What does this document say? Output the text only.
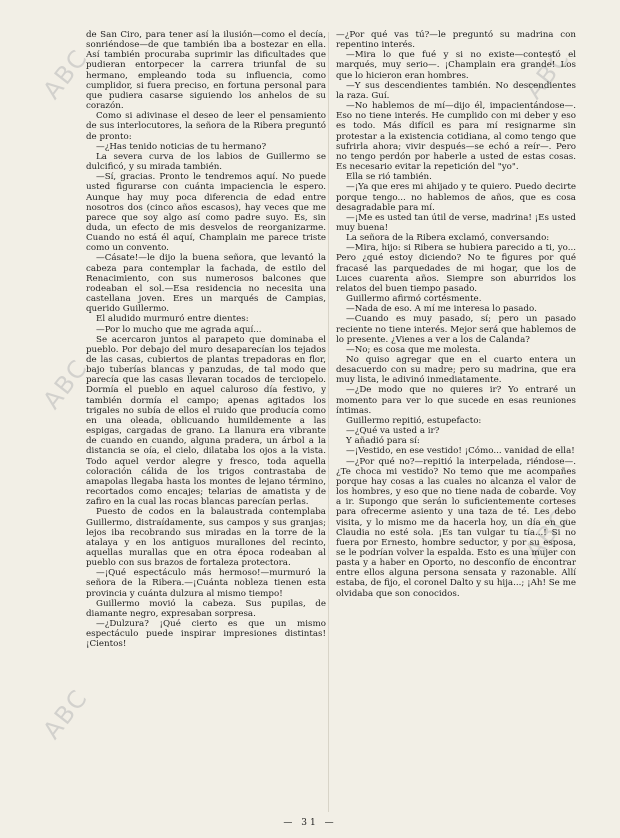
ABC
ABC
ABC
ABC
ABC

de San Ciro, para tener así la ilusión—como el decía, sonriéndose—de que también iba a bostezar en ella. Así también procuraba suprimir las dificultades que pudieran entorpecer la carrera triunfal de su hermano, empleando toda su influencia, como cumplidor, si fuera preciso, en fortuna personal para que pudiera casarse siguiendo los anhelos de su corazón.

Como si adivinase el deseo de leer el pensamiento de sus interlocutores, la señora de la Ribera preguntó de pronto:

—¿Has tenido noticias de tu hermano?

La severa curva de los labios de Guillermo se dulcificó, y su mirada también.

—Sí, gracias. Pronto le tendremos aquí. No puede usted figurarse con cuánta impaciencia le espero. Aunque hay muy poca diferencia de edad entre nosotros dos (cinco años escasos), hay veces que me parece que soy algo así como padre suyo. Es, sin duda, un efecto de mis desvelos de reorganizarme. Cuando no está él aquí, Champlain me parece triste como un convento.

—Cásate!—le dijo la buena señora, que levantó la cabeza para contemplar la fachada, de estilo del Renacimiento, con sus numerosos balcones que rodeaban el sol.—Esa residencia no necesita una castellana joven. Eres un marqués de Campias, querido Guillermo.

El aludido murmuró entre dientes:

—Por lo mucho que me agrada aquí...

Se acercaron juntos al parapeto que dominaba el pueblo. Por debajo del muro desaparecían los tejados de las casas, cubiertos de plantas trepadoras en flor, bajo tuberías blancas y panzudas, de tal modo que parecía que las casas llevaran tocados de terciopelo. Dormía el pueblo en aquel caluroso día festivo, y también dormía el campo; apenas agitados los trigales no subía de ellos el ruido que producía como en una oleada, oblicuando humildemente a las espigas, cargadas de grano. La llanura era vibrante de cuando en cuando, alguna pradera, un árbol a la distancia se oía, el cielo, dilataba los ojos a la vista. Todo aquel verdor alegre y fresco, toda aquella coloración cálida de los trigos contrastaba de amapolas llegaba hasta los montes de lejano término, recortados como encajes; telarias de amatista y de zafiro en la cual las rocas blancas parecían perlas.

Puesto de codos en la balaustrada contemplaba Guillermo, distraídamente, sus campos y sus granjas; lejos iba recobrando sus miradas en la torre de la atalaya y en los antiguos murallones del recinto, aquellas murallas que en otra época rodeaban al pueblo con sus brazos de fortaleza protectora.

—¡Qué espectáculo más hermoso!—murmuró la señora de la Ribera.—¡Cuánta nobleza tienen esta provincia y cuánta dulzura al mismo tiempo!

Guillermo movió la cabeza. Sus pupilas, de diamante negro, expresaban sorpresa.

—¿Dulzura? ¡Qué cierto es que un mismo espectáculo puede inspirar impresiones distintas! ¡Cientos!

—¿Por qué vas tú?—le preguntó su madrina con repentino interés.

—Mira lo que fué y si no existe—contestó el marqués, muy serio—. ¡Champlain era grande! Los que lo hicieron eran hombres.

—Y sus descendientes también. No descendientes la raza. Guí.

—No hablemos de mí—dijo él, impacientándose—. Eso no tiene interés. He cumplido con mi deber y eso es todo. Más difícil es para mí resignarme sin protestar a la existencia cotidiana, al como tengo que sufrirla ahora; vivir después—se echó a reír—. Pero no tengo perdón por haberle a usted de estas cosas. Es necesario evitar la repetición del "yo".

Ella se rió también.

—¡Ya que eres mi ahijado y te quiero. Puedo decirte porque tengo... no hablemos de años, que es cosa desagradable para mí.

—¡Me es usted tan útil de verse, madrina! ¡Es usted muy buena!

La señora de la Ribera exclamó, conversando:

—Mira, hijo: si Ribera se hubiera parecido a ti, yo... Pero ¿qué estoy diciendo? No te figures por qué fracasé las parquedades de mi hogar, que los de Luces cuarenta años. Siempre son aburridos los relatos del buen tiempo pasado.

Guillermo afirmó cortésmente.

—Nada de eso. A mí me interesa lo pasado.

—Cuando es muy pasado, sí; pero un pasado reciente no tiene interés. Mejor será que hablemos de lo presente. ¿Vienes a ver a los de Calanda?

—No; es cosa que me molesta.

No quiso agregar que en el cuarto entera un desacuerdo con su madre; pero su madrina, que era muy lista, le adivinó inmediatamente.

—¿De modo que no quieres ir? Yo entraré un momento para ver lo que sucede en esas reuniones íntimas.

Guillermo repitió, estupefacto:

—¿Qué va usted a ir?

Y añadió para sí:

—¡Vestido, en ese vestido! ¡Cómo... vanidad de ella!

—¿Por qué no?—repitió la interpelada, riéndose—. ¿Te choca mi vestido? No temo que me acompañes porque hay cosas a las cuales no alcanza el valor de los hombres, y eso que no tiene nada de cobarde. Voy a ir. Supongo que serán lo suficientemente corteses para ofrecerme asiento y una taza de té. Les debo visita, y lo mismo me da hacerla hoy, un día en que Claudia no esté sola. ¡Es tan vulgar tu tía...! Si no fuera por Ernesto, hombre seductor, y por su esposa, se le podrían volver la espalda. Esto es una mujer con pasta y a haber en Oporto, no desconfío de encontrar entre ellos alguna persona sensata y razonable. Allí estaba, de fijo, el coronel Dalto y su hija...; ¡Ah! Se me olvidaba que son conocidos.

— 31 —
